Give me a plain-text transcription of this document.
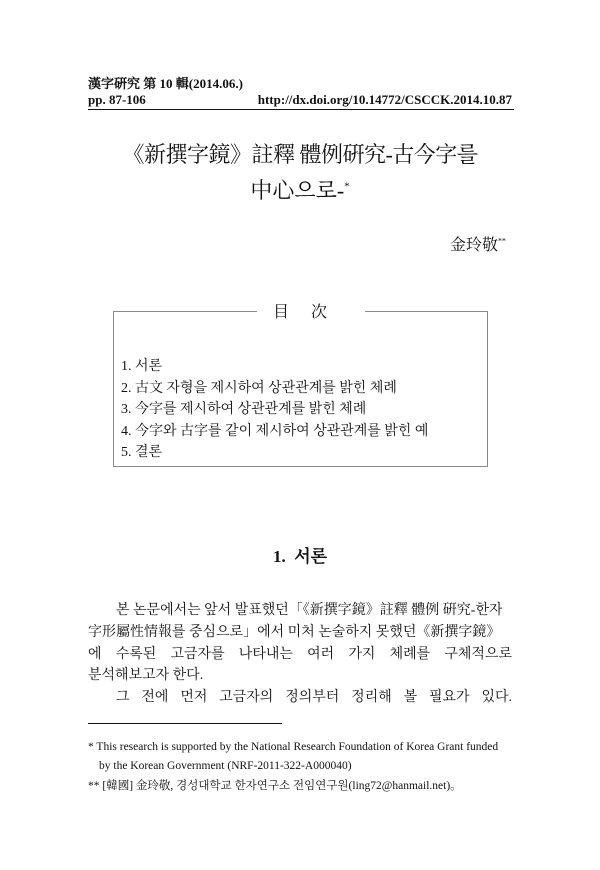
漢字硏究 第 10 輯(2014.06.)
pp. 87-106	http://dx.doi.org/10.14772/CSCCK.2014.10.87
《新撰字鏡》註釋 體例硏究-古今字를
中心으로-*
金玲敬**
目次
1. 서론
2. 古文 자형을 제시하여 상관관계를 밝힌 체례
3. 今字를 제시하여 상관관계를 밝힌 체례
4. 今字와 古字를 같이 제시하여 상관관계를 밝힌 예
5. 결론
1.  서론
본 논문에서는 앞서 발표했던「《新撰字鏡》註釋 體例 硏究-한자
字形屬性情報를 중심으로」에서 미처 논술하지 못했던《新撰字鏡》
에 수록된 고금자를 나타내는 여러 가지 체례를 구체적으로
분석해보고자 한다.
그 전에 먼저 고금자의 정의부터 정리해 볼 필요가 있다.
* This research is supported by the National Research Foundation of Korea Grant funded
by the Korean Government (NRF-2011-322-A000040)
** [韓國] 金玲敬, 경성대학교 한자연구소 전임연구원(ling72@hanmail.net)。
